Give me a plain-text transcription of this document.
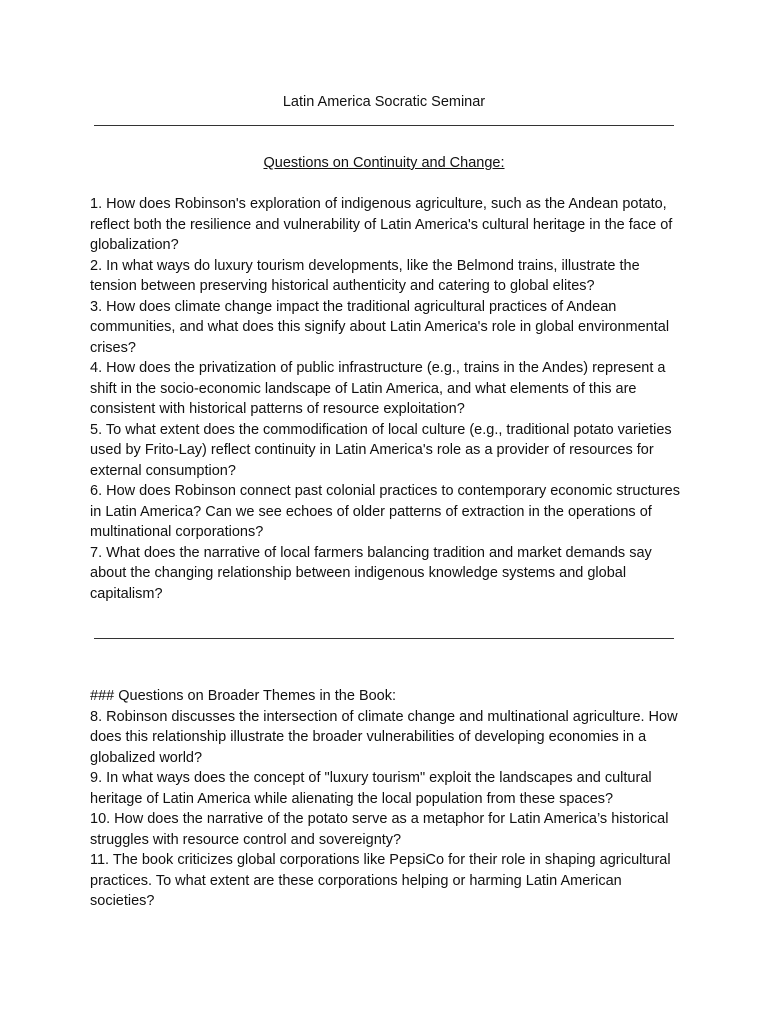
Latin America Socratic Seminar
Questions on Continuity and Change:
1. How does Robinson's exploration of indigenous agriculture, such as the Andean potato, reflect both the resilience and vulnerability of Latin America's cultural heritage in the face of globalization?
2. In what ways do luxury tourism developments, like the Belmond trains, illustrate the tension between preserving historical authenticity and catering to global elites?
3. How does climate change impact the traditional agricultural practices of Andean communities, and what does this signify about Latin America's role in global environmental crises?
4. How does the privatization of public infrastructure (e.g., trains in the Andes) represent a shift in the socio-economic landscape of Latin America, and what elements of this are consistent with historical patterns of resource exploitation?
5. To what extent does the commodification of local culture (e.g., traditional potato varieties used by Frito-Lay) reflect continuity in Latin America's role as a provider of resources for external consumption?
6. How does Robinson connect past colonial practices to contemporary economic structures in Latin America? Can we see echoes of older patterns of extraction in the operations of multinational corporations?
7. What does the narrative of local farmers balancing tradition and market demands say about the changing relationship between indigenous knowledge systems and global capitalism?

### Questions on Broader Themes in the Book:

8. Robinson discusses the intersection of climate change and multinational agriculture. How does this relationship illustrate the broader vulnerabilities of developing economies in a globalized world?

9. In what ways does the concept of "luxury tourism" exploit the landscapes and cultural heritage of Latin America while alienating the local population from these spaces?

10. How does the narrative of the potato serve as a metaphor for Latin America’s historical struggles with resource control and sovereignty?

11. The book criticizes global corporations like PepsiCo for their role in shaping agricultural practices. To what extent are these corporations helping or harming Latin American societies?
